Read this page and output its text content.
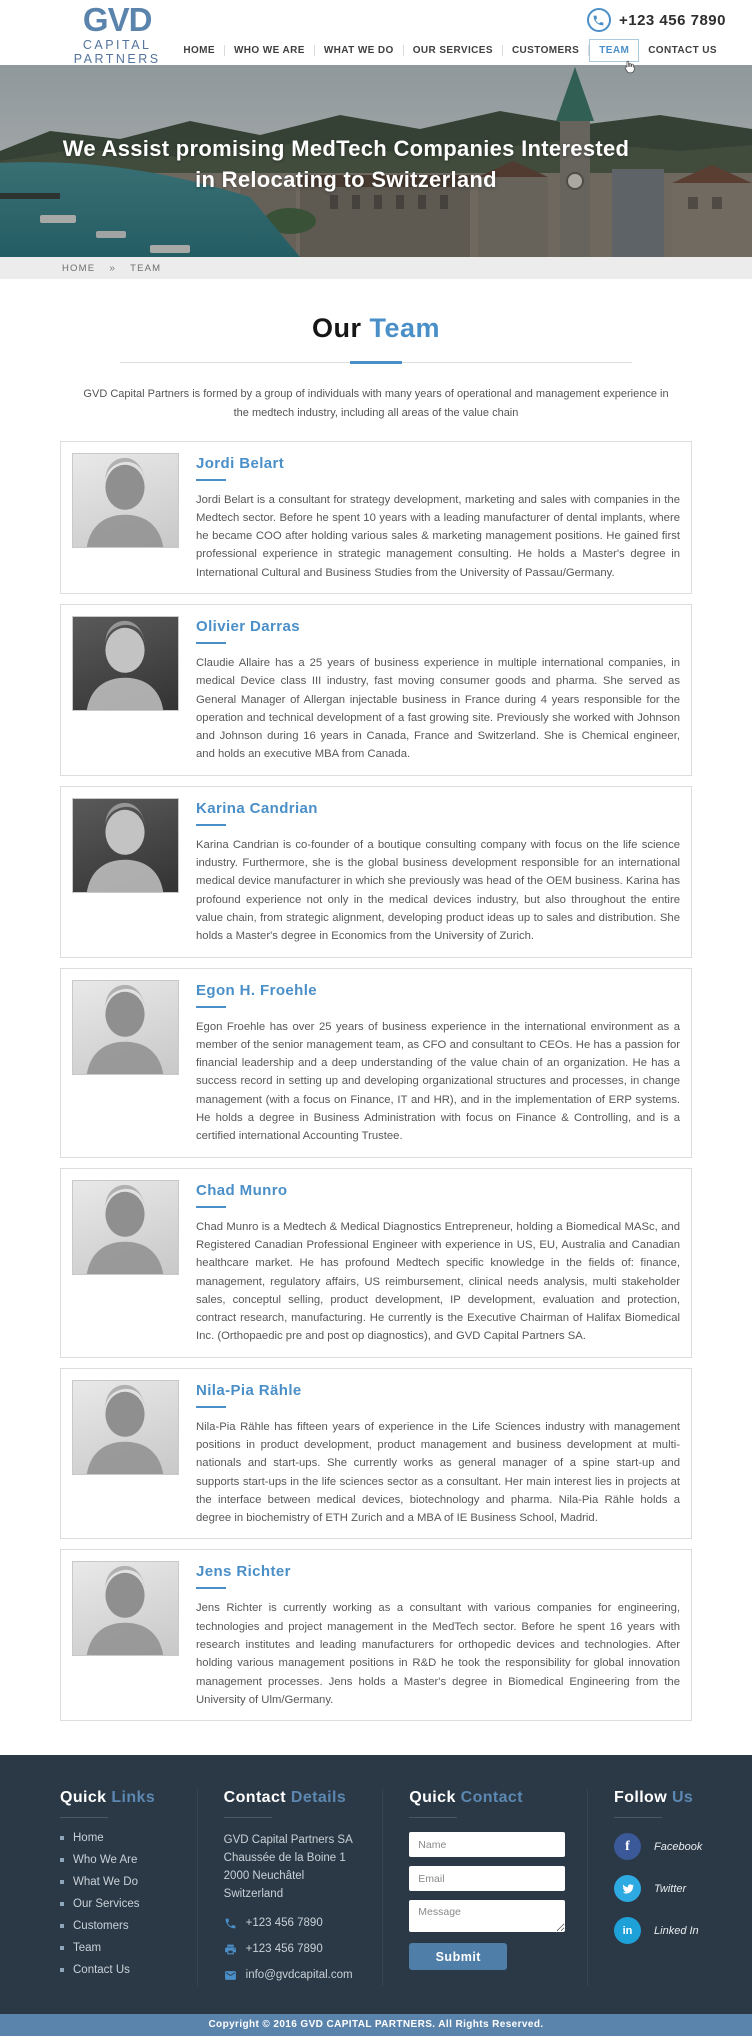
GVD
CAPITAL PARTNERS
+123 456 7890
HOME	WHO WE ARE	WHAT WE DO	OUR SERVICES	CUSTOMERS	TEAM	CONTACT US
We Assist promising MedTech Companies Interested
in Relocating to Switzerland
HOME » TEAM
Our Team

GVD Capital Partners is formed by a group of individuals with many years of operational and management experience in
the medtech industry, including all areas of the value chain

Jordi Belart

Jordi Belart is a consultant for strategy development, marketing and sales with companies in the Medtech sector. Before he spent 10 years with a leading manufacturer of dental implants, where he became COO after holding various sales & marketing management positions. He gained first professional experience in strategic management consulting. He holds a Master's degree in International Cultural and Business Studies from the University of Passau/Germany.

Olivier Darras

Claudie Allaire has a 25 years of business experience in multiple international companies, in medical Device class III industry, fast moving consumer goods and pharma. She served as General Manager of Allergan injectable business in France during 4 years responsible for the operation and technical development of a fast growing site. Previously she worked with Johnson and Johnson during 16 years in Canada, France and Switzerland. She is Chemical engineer, and holds an executive MBA from Canada.

Karina Candrian

Karina Candrian is co-founder of a boutique consulting company with focus on the life science industry. Furthermore, she is the global business development responsible for an international medical device manufacturer in which she previously was head of the OEM business. Karina has profound experience not only in the medical devices industry, but also throughout the entire value chain, from strategic alignment, developing product ideas up to sales and distribution. She holds a Master's degree in Economics from the University of Zurich.

Egon H. Froehle

Egon Froehle has over 25 years of business experience in the international environment as a member of the senior management team, as CFO and consultant to CEOs. He has a passion for financial leadership and a deep understanding of the value chain of an organization. He has a success record in setting up and developing organizational structures and processes, in change management (with a focus on Finance, IT and HR), and in the implementation of ERP systems. He holds a degree in Business Administration with focus on Finance & Controlling, and is a certified international Accounting Trustee.

Chad Munro

Chad Munro is a Medtech & Medical Diagnostics Entrepreneur, holding a Biomedical MASc, and Registered Canadian Professional Engineer with experience in US, EU, Australia and Canadian healthcare market. He has profound Medtech specific knowledge in the fields of: finance, management, regulatory affairs, US reimbursement, clinical needs analysis, multi stakeholder sales, conceptul selling, product development, IP development, evaluation and protection, contract research, manufacturing. He currently is the Executive Chairman of Halifax Biomedical Inc. (Orthopaedic pre and post op diagnostics), and GVD Capital Partners SA.

Nila-Pia Rähle

Nila-Pia Rähle has fifteen years of experience in the Life Sciences industry with management positions in product development, product management and business development at multi-nationals and start-ups. She currently works as general manager of a spine start-up and supports start-ups in the life sciences sector as a consultant. Her main interest lies in projects at the interface between medical devices, biotechnology and pharma. Nila-Pia Rähle holds a degree in biochemistry of ETH Zurich and a MBA of IE Business School, Madrid.

Jens Richter

Jens Richter is currently working as a consultant with various companies for engineering, technologies and project management in the MedTech sector. Before he spent 16 years with research institutes and leading manufacturers for orthopedic devices and technologies. After holding various management positions in R&D he took the responsibility for global innovation management processes. Jens holds a Master's degree in Biomedical Engineering from the University of Ulm/Germany.

Quick Links
Home
Who We Are
What We Do
Our Services
Customers
Team
Contact Us
Contact Details
GVD Capital Partners SA
Chaussée de la Boine 1
2000 Neuchâtel
Switzerland
+123 456 7890
+123 456 7890
info@gvdcapital.com
Quick Contact
Name
Email
Message Submit
Follow Us
f	Facebook
Twitter
in	Linked In
Copyright © 2016 GVD CAPITAL PARTNERS. All Rights Reserved.
